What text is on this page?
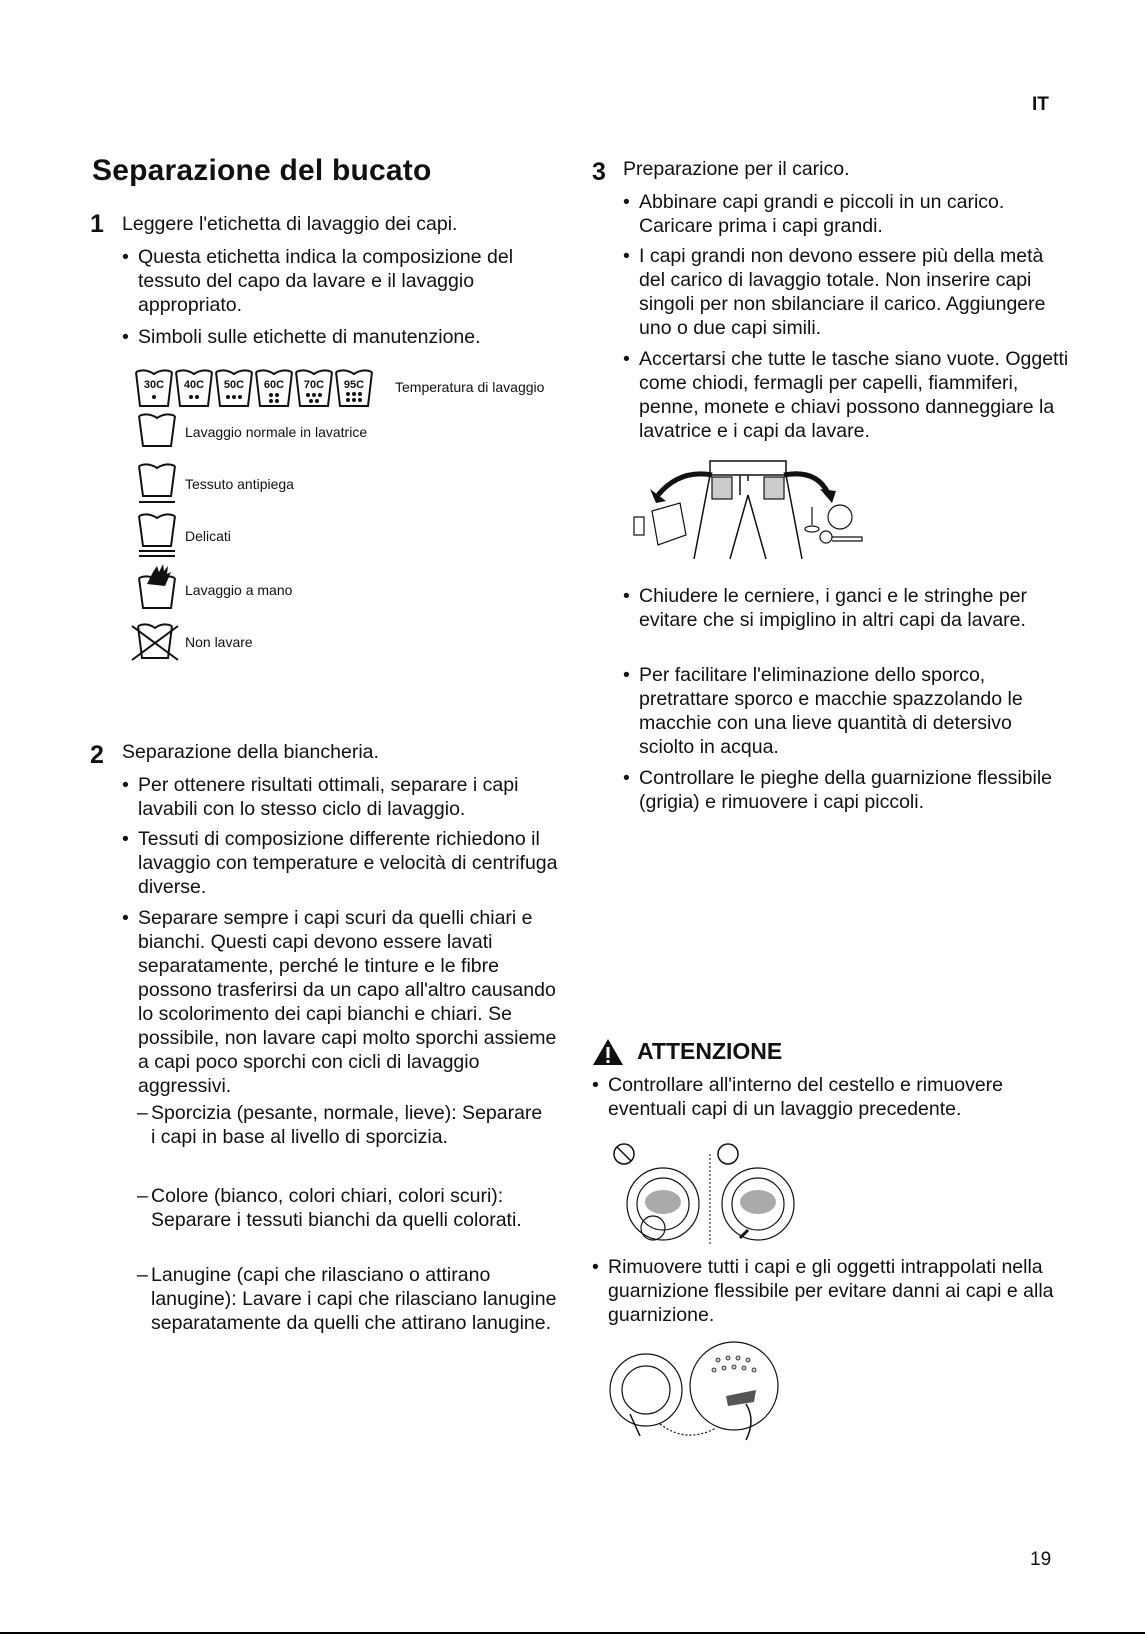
IT
Separazione del bucato
1 Leggere l'etichetta di lavaggio dei capi.
• Questa etichetta indica la composizione del tessuto del capo da lavare e il lavaggio appropriato.
• Simboli sulle etichette di manutenzione.
30C 40C 50C 60C 70C 95C Temperatura di lavaggio
Lavaggio normale in lavatrice
Tessuto antipiega
Delicati
Lavaggio a mano
Non lavare
2 Separazione della biancheria.
• Per ottenere risultati ottimali, separare i capi lavabili con lo stesso ciclo di lavaggio.
• Tessuti di composizione differente richiedono il lavaggio con temperature e velocità di centrifuga diverse.
• Separare sempre i capi scuri da quelli chiari e bianchi. Questi capi devono essere lavati separatamente, perché le tinture e le fibre possono trasferirsi da un capo all'altro causando lo scolorimento dei capi bianchi e chiari. Se possibile, non lavare capi molto sporchi assieme a capi poco sporchi con cicli di lavaggio aggressivi.
– Sporcizia (pesante, normale, lieve): Separare i capi in base al livello di sporcizia.
– Colore (bianco, colori chiari, colori scuri): Separare i tessuti bianchi da quelli colorati.
– Lanugine (capi che rilasciano o attirano lanugine): Lavare i capi che rilasciano lanugine separatamente da quelli che attirano lanugine.
3 Preparazione per il carico.
• Abbinare capi grandi e piccoli in un carico. Caricare prima i capi grandi.
• I capi grandi non devono essere più della metà del carico di lavaggio totale. Non inserire capi singoli per non sbilanciare il carico. Aggiungere uno o due capi simili.
• Accertarsi che tutte le tasche siano vuote. Oggetti come chiodi, fermagli per capelli, fiammiferi, penne, monete e chiavi possono danneggiare la lavatrice e i capi da lavare.
• Chiudere le cerniere, i ganci e le stringhe per evitare che si impiglino in altri capi da lavare.
• Per facilitare l'eliminazione dello sporco, pretrattare sporco e macchie spazzolando le macchie con una lieve quantità di detersivo sciolto in acqua.
• Controllare le pieghe della guarnizione flessibile (grigia) e rimuovere i capi piccoli.
ATTENZIONE
• Controllare all'interno del cestello e rimuovere eventuali capi di un lavaggio precedente.
• Rimuovere tutti i capi e gli oggetti intrappolati nella guarnizione flessibile per evitare danni ai capi e alla guarnizione.
19
